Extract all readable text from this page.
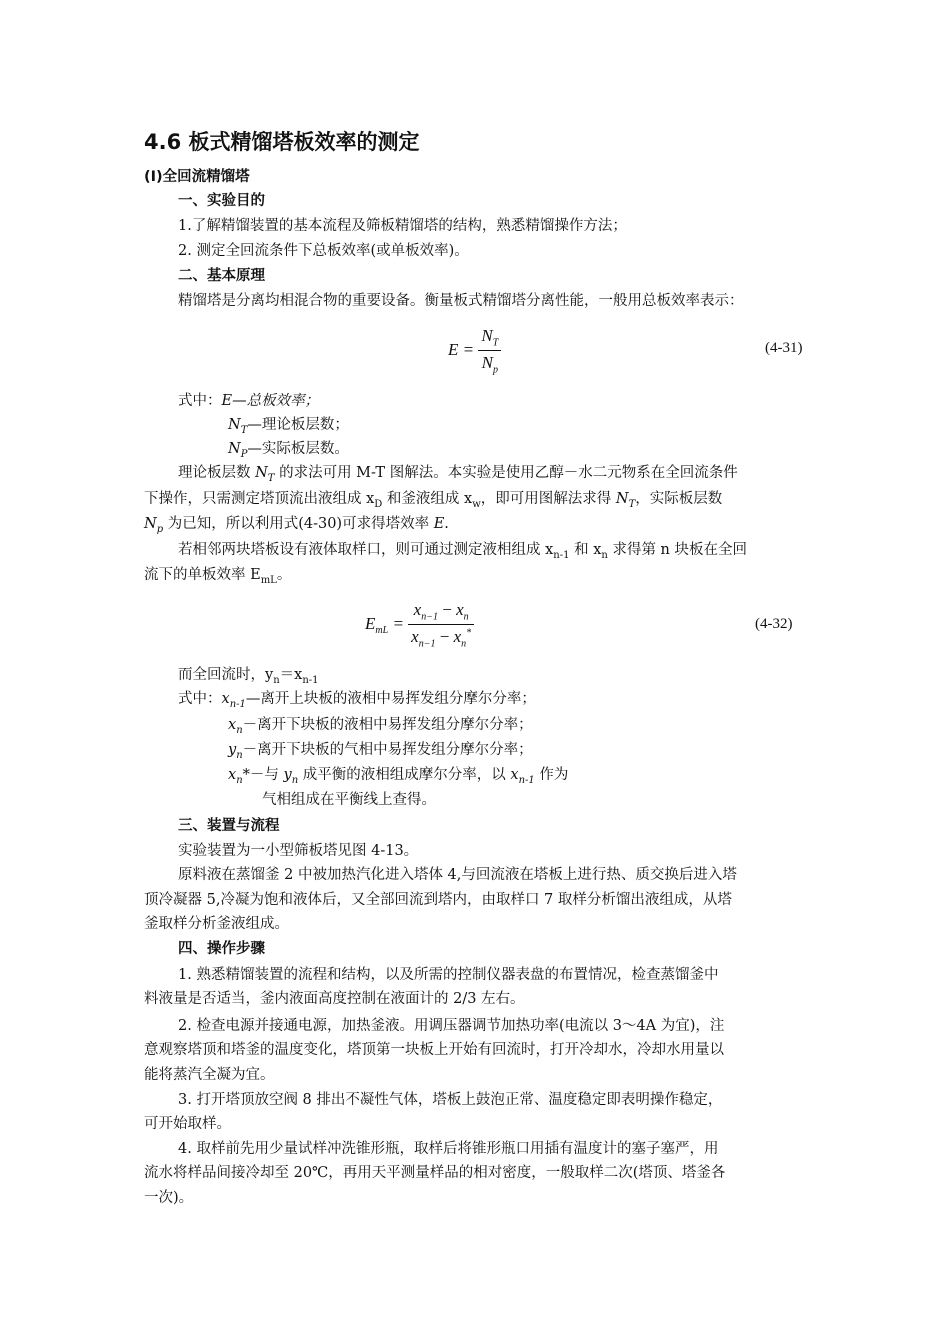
4.6 板式精馏塔板效率的测定
(Ⅰ)全回流精馏塔
一、实验目的
1.了解精馏装置的基本流程及筛板精馏塔的结构，熟悉精馏操作方法；
2. 测定全回流条件下总板效率(或单板效率)。
二、基本原理
精馏塔是分离均相混合物的重要设备。衡量板式精馏塔分离性能，一般用总板效率表示：
$E = \frac{N_T}{N_p}$	(4-31)
式中：E—总板效率；
$N_T—$理论板层数；
$N_P—$实际板层数。
理论板层数 $N_T$ 的求法可用 M-T 图解法。本实验是使用乙醇－水二元物系在全回流条件
下操作，只需测定塔顶流出液组成 $x_D$ 和釜液组成 $x_w$，即可用图解法求得 $N_T$，实际板层数
$N_p$ 为已知，所以利用式(4-30)可求得塔效率 E.
若相邻两块塔板设有液体取样口，则可通过测定液相组成 $x_{n-1}$ 和 $x_n$ 求得第 n 块板在全回
流下的单板效率 $E_{mL}$。
$E_{mL} = \frac{x_{n-1} - x_n}{x_{n-1} - x_n^*}$	(4-32)
而全回流时，$y_n=x_{n-1}$
式中：$x_{n-1}—$离开上块板的液相中易挥发组分摩尔分率；
$x_n-$离开下块板的液相中易挥发组分摩尔分率；
$y_n-$离开下块板的气相中易挥发组分摩尔分率；
$x_n*-$与 $y_n$ 成平衡的液相组成摩尔分率，以 $x_{n-1}$ 作为
气相组成在平衡线上查得。
三、装置与流程
实验装置为一小型筛板塔见图 4-13。
原料液在蒸馏釜 2 中被加热汽化进入塔体 4,与回流液在塔板上进行热、质交换后进入塔
顶冷凝器 5,冷凝为饱和液体后，又全部回流到塔内，由取样口 7 取样分析馏出液组成，从塔
釜取样分析釜液组成。
四、操作步骤
1. 熟悉精馏装置的流程和结构，以及所需的控制仪器表盘的布置情况，检查蒸馏釜中
料液量是否适当，釜内液面高度控制在液面计的 2/3 左右。
2. 检查电源并接通电源，加热釜液。用调压器调节加热功率(电流以 3～4A 为宜)，注
意观察塔顶和塔釜的温度变化，塔顶第一块板上开始有回流时，打开冷却水，冷却水用量以
能将蒸汽全凝为宜。
3. 打开塔顶放空阀 8 排出不凝性气体，塔板上鼓泡正常、温度稳定即表明操作稳定，
可开始取样。
4. 取样前先用少量试样冲洗锥形瓶，取样后将锥形瓶口用插有温度计的塞子塞严，用
流水将样品间接冷却至 20℃，再用天平测量样品的相对密度，一般取样二次(塔顶、塔釜各
一次)。
